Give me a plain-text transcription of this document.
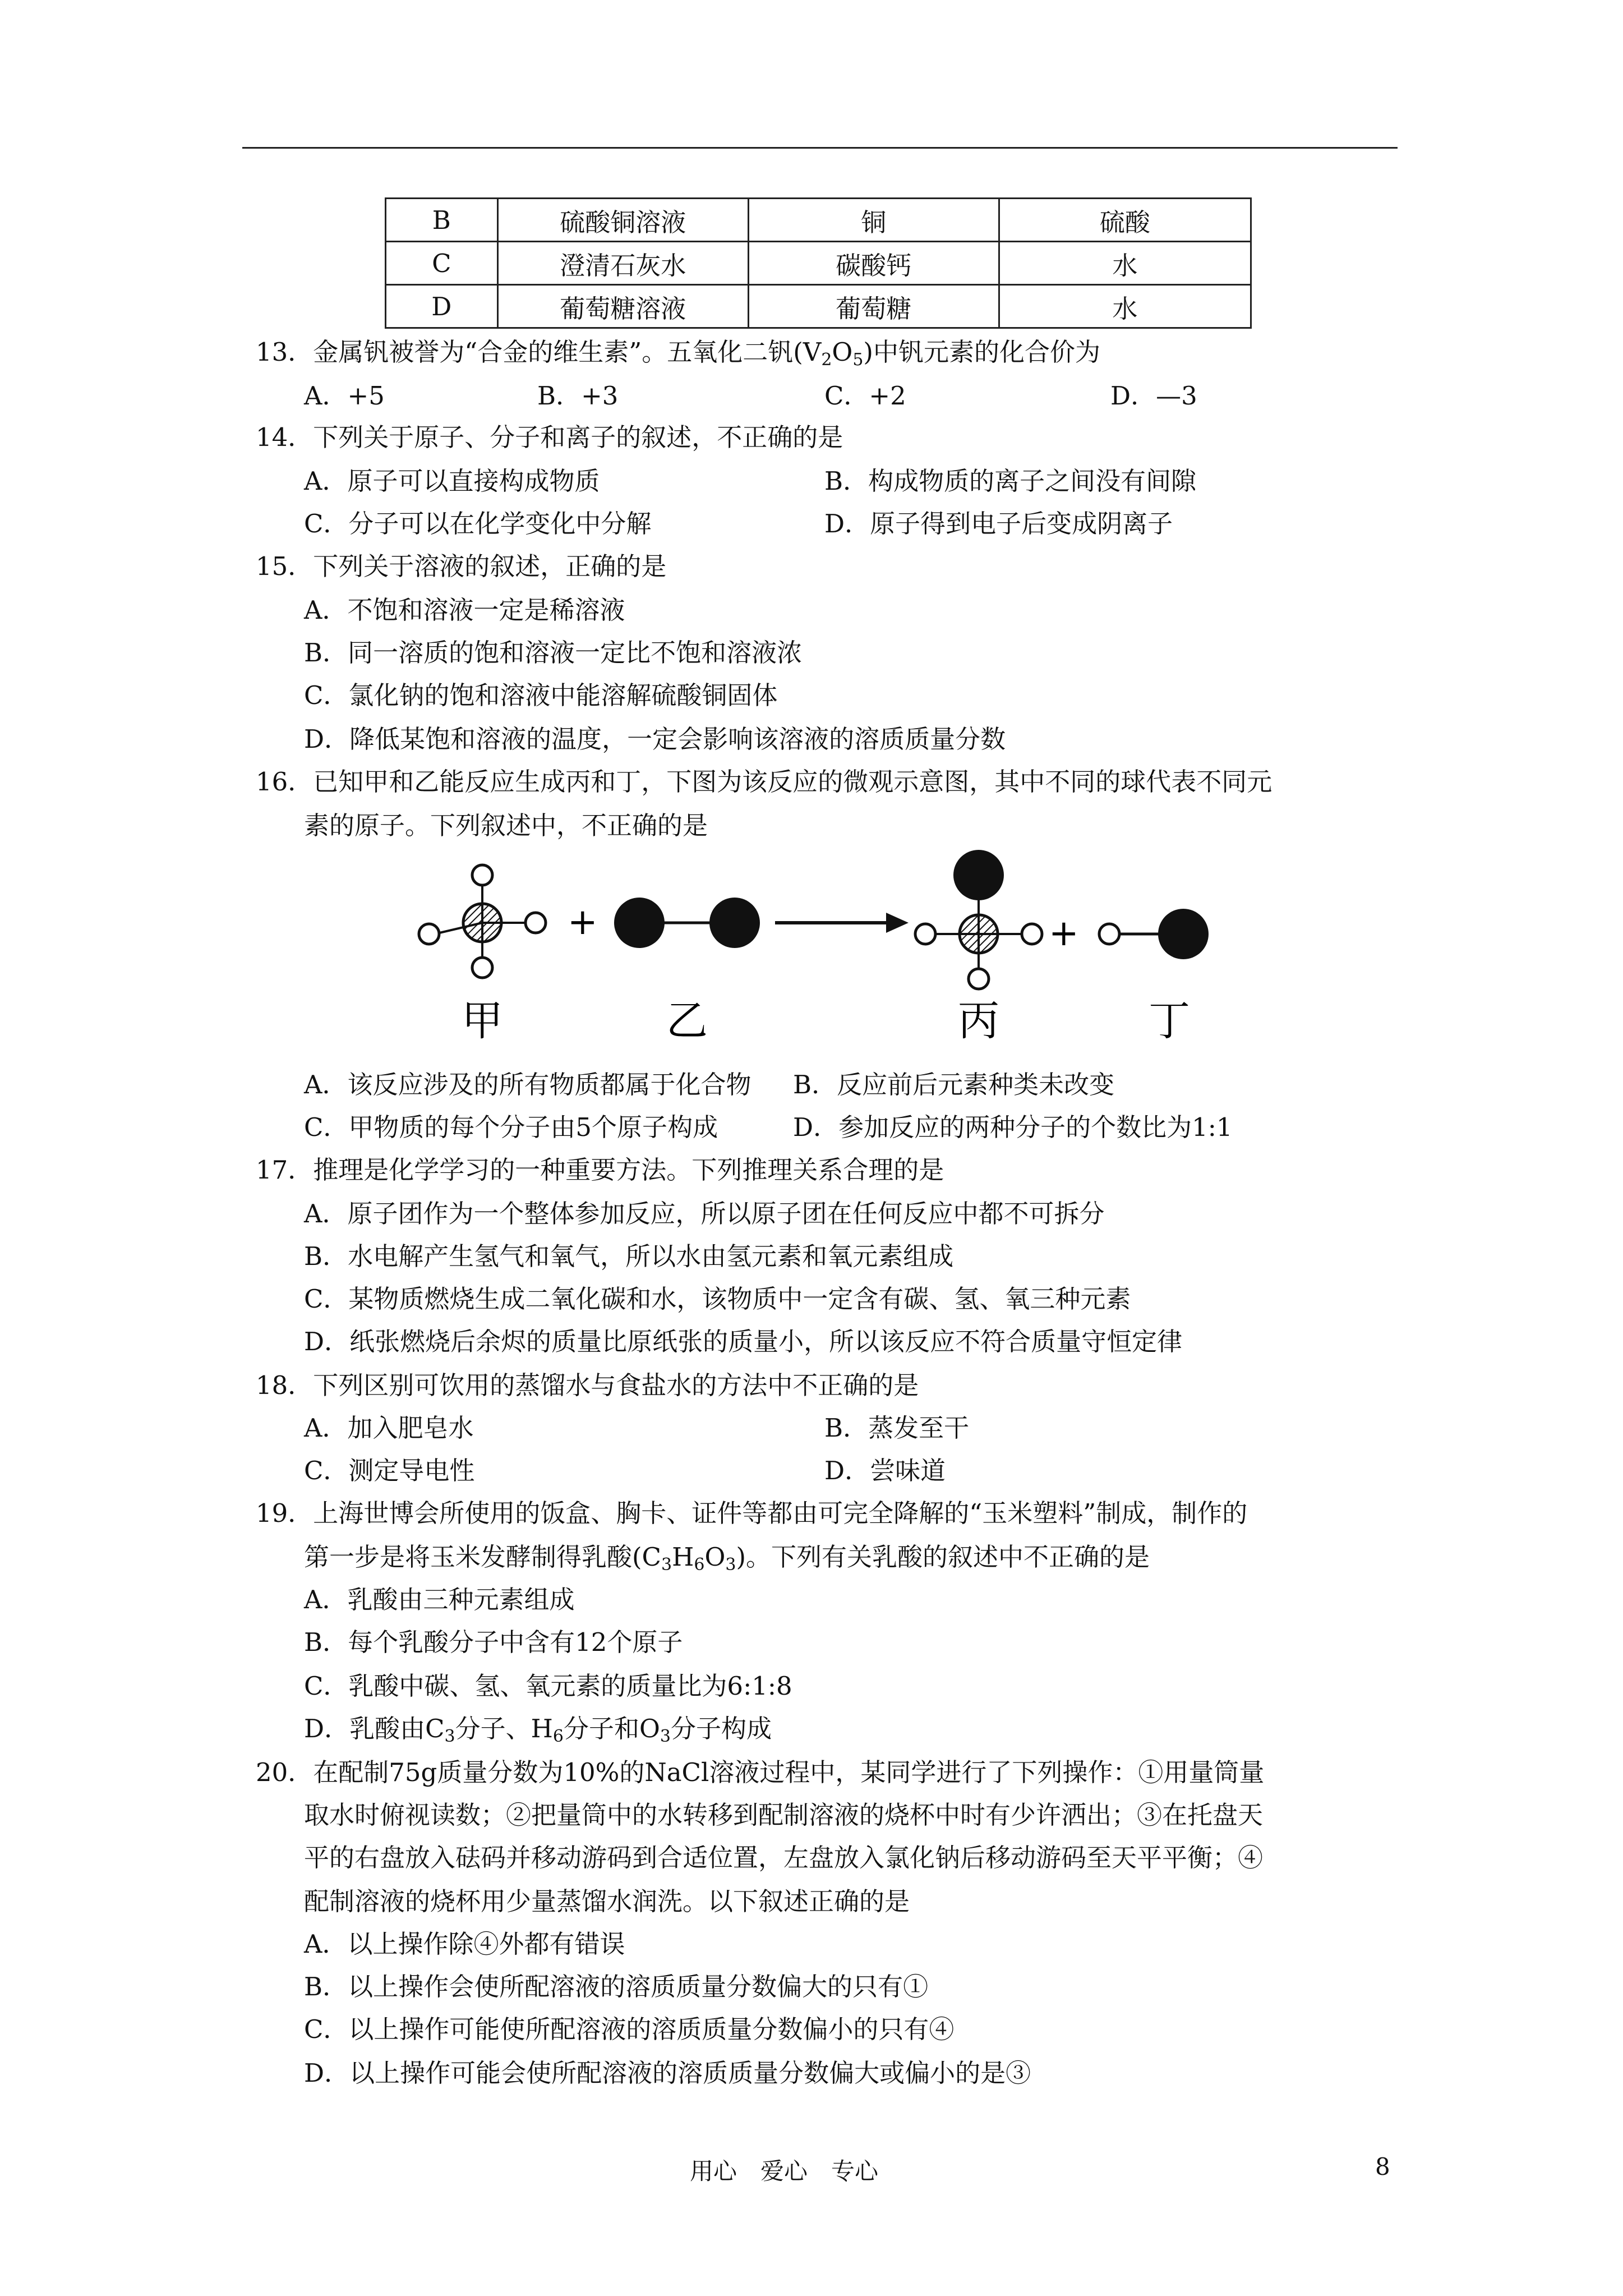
B	硫酸铜溶液	铜	硫酸
C	澄清石灰水	碳酸钙	水
D	葡萄糖溶液	葡萄糖	水
13．金属钒被誉为“合金的维生素”。五氧化二钒$(V_2O_5)$中钒元素的化合价为
A．+5	B．+3	C．+2	D．—3
14．下列关于原子、分子和离子的叙述，不正确的是
A．原子可以直接构成物质	B．构成物质的离子之间没有间隙
C．分子可以在化学变化中分解	D．原子得到电子后变成阴离子
15．下列关于溶液的叙述，正确的是
A．不饱和溶液一定是稀溶液
B．同一溶质的饱和溶液一定比不饱和溶液浓
C．氯化钠的饱和溶液中能溶解硫酸铜固体
D．降低某饱和溶液的温度，一定会影响该溶液的溶质质量分数
16．已知甲和乙能反应生成丙和丁，下图为该反应的微观示意图，其中不同的球代表不同元
素的原子。下列叙述中，不正确的是
+	+
甲	乙	丙	丁
A．该反应涉及的所有物质都属于化合物 B．反应前后元素种类未改变
C．甲物质的每个分子由5个原子构成	D．参加反应的两种分子的个数比为1:1
17．推理是化学学习的一种重要方法。下列推理关系合理的是
A．原子团作为一个整体参加反应，所以原子团在任何反应中都不可拆分
B．水电解产生氢气和氧气，所以水由氢元素和氧元素组成
C．某物质燃烧生成二氧化碳和水，该物质中一定含有碳、氢、氧三种元素
D．纸张燃烧后余烬的质量比原纸张的质量小，所以该反应不符合质量守恒定律
18．下列区别可饮用的蒸馏水与食盐水的方法中不正确的是
A．加入肥皂水	B．蒸发至干
C．测定导电性	D．尝味道
19．上海世博会所使用的饭盒、胸卡、证件等都由可完全降解的“玉米塑料”制成，制作的
第一步是将玉米发酵制得乳酸$(C_3H_6O_3)$。下列有关乳酸的叙述中不正确的是
A．乳酸由三种元素组成
B．每个乳酸分子中含有12个原子
C．乳酸中碳、氢、氧元素的质量比为6:1:8
D．乳酸由$C_3$分子、$H_6$分子和$O_3$分子构成
20．在配制75g质量分数为10%的NaCl溶液过程中，某同学进行了下列操作：①用量筒量
取水时俯视读数；②把量筒中的水转移到配制溶液的烧杯中时有少许洒出；③在托盘天
平的右盘放入砝码并移动游码到合适位置，左盘放入氯化钠后移动游码至天平平衡；④
配制溶液的烧杯用少量蒸馏水润洗。以下叙述正确的是
A．以上操作除④外都有错误
B．以上操作会使所配溶液的溶质质量分数偏大的只有①
C．以上操作可能使所配溶液的溶质质量分数偏小的只有④
D．以上操作可能会使所配溶液的溶质质量分数偏大或偏小的是③
用心　爱心　专心	8
